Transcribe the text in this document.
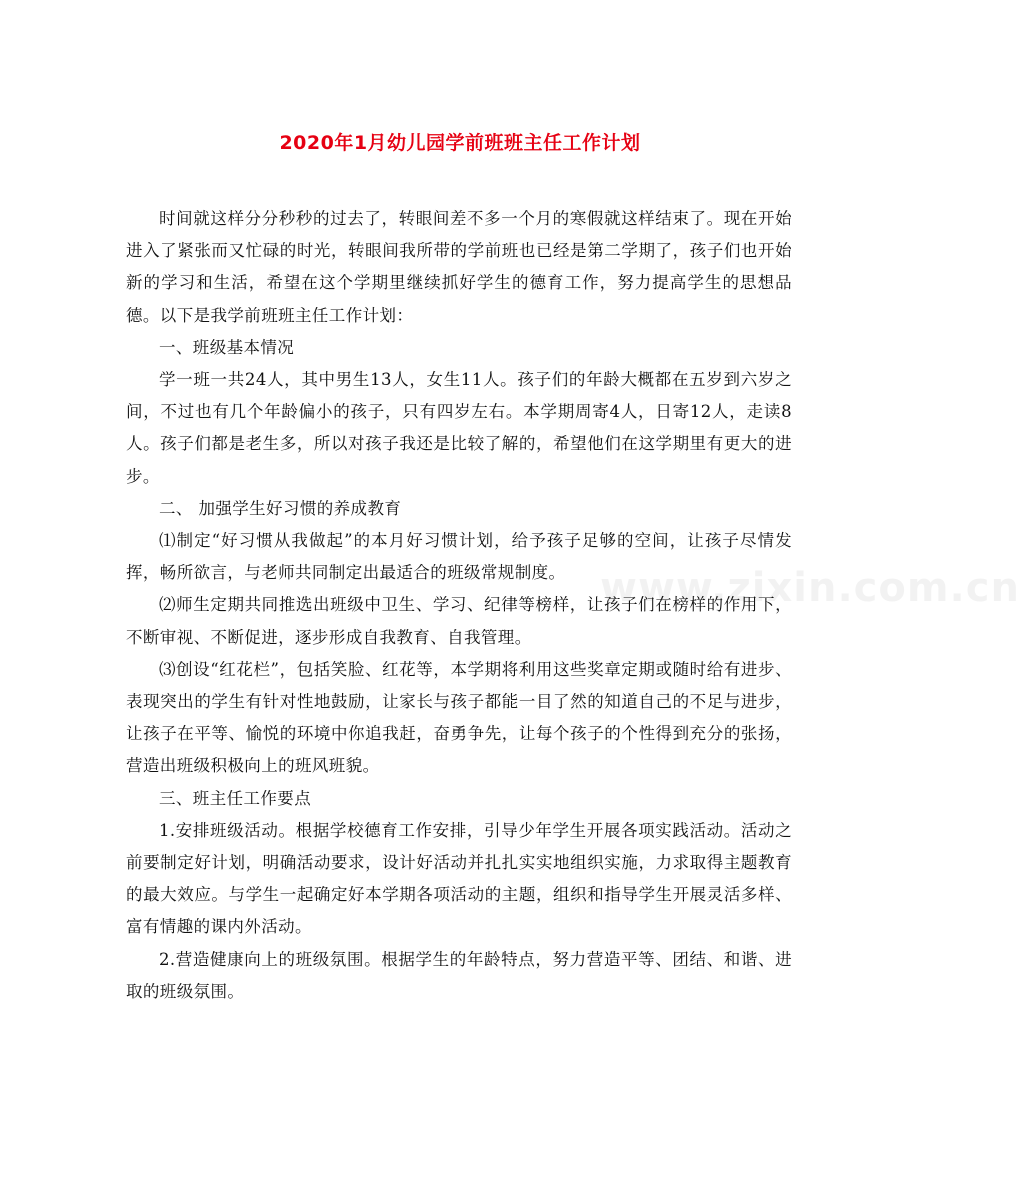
2020年1月幼儿园学前班班主任工作计划
www.zixin.com.cn

时间就这样分分秒秒的过去了，转眼间差不多一个月的寒假就这样结束了。现在开始进入了紧张而又忙碌的时光，转眼间我所带的学前班也已经是第二学期了，孩子们也开始新的学习和生活，希望在这个学期里继续抓好学生的德育工作，努力提高学生的思想品德。以下是我学前班班主任工作计划：

一、班级基本情况

学一班一共24人，其中男生13人，女生11人。孩子们的年龄大概都在五岁到六岁之间，不过也有几个年龄偏小的孩子，只有四岁左右。本学期周寄4人，日寄12人，走读8人。孩子们都是老生多，所以对孩子我还是比较了解的，希望他们在这学期里有更大的进步。

二、 加强学生好习惯的养成教育

⑴制定“好习惯从我做起”的本月好习惯计划，给予孩子足够的空间，让孩子尽情发挥，畅所欲言，与老师共同制定出最适合的班级常规制度。

⑵师生定期共同推选出班级中卫生、学习、纪律等榜样，让孩子们在榜样的作用下，不断审视、不断促进，逐步形成自我教育、自我管理。

⑶创设“红花栏”，包括笑脸、红花等，本学期将利用这些奖章定期或随时给有进步、表现突出的学生有针对性地鼓励，让家长与孩子都能一目了然的知道自己的不足与进步，让孩子在平等、愉悦的环境中你追我赶，奋勇争先，让每个孩子的个性得到充分的张扬，营造出班级积极向上的班风班貌。

三、班主任工作要点

1.安排班级活动。根据学校德育工作安排，引导少年学生开展各项实践活动。活动之前要制定好计划，明确活动要求，设计好活动并扎扎实实地组织实施，力求取得主题教育的最大效应。与学生一起确定好本学期各项活动的主题，组织和指导学生开展灵活多样、富有情趣的课内外活动。

2.营造健康向上的班级氛围。根据学生的年龄特点，努力营造平等、团结、和谐、进取的班级氛围。
